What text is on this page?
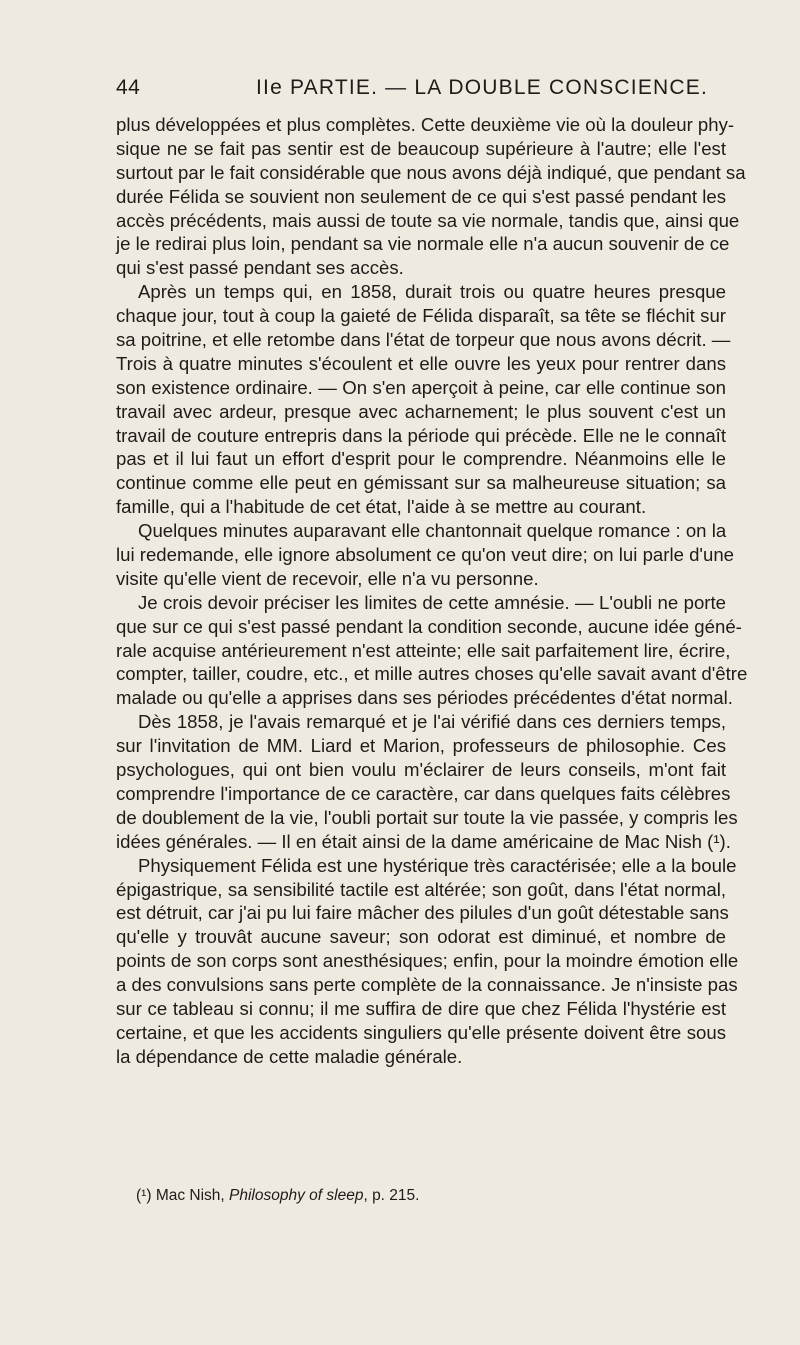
44	IIe PARTIE. — LA DOUBLE CONSCIENCE.
plus développées et plus complètes. Cette deuxième vie où la douleur phy-
sique ne se fait pas sentir est de beaucoup supérieure à l'autre; elle l'est
surtout par le fait considérable que nous avons déjà indiqué, que pendant sa
durée Félida se souvient non seulement de ce qui s'est passé pendant les
accès précédents, mais aussi de toute sa vie normale, tandis que, ainsi que
je le redirai plus loin, pendant sa vie normale elle n'a aucun souvenir de ce
qui s'est passé pendant ses accès.
Après un temps qui, en 1858, durait trois ou quatre heures presque
chaque jour, tout à coup la gaieté de Félida disparaît, sa tête se fléchit sur
sa poitrine, et elle retombe dans l'état de torpeur que nous avons décrit. —
Trois à quatre minutes s'écoulent et elle ouvre les yeux pour rentrer dans
son existence ordinaire. — On s'en aperçoit à peine, car elle continue son
travail avec ardeur, presque avec acharnement; le plus souvent c'est un
travail de couture entrepris dans la période qui précède. Elle ne le connaît
pas et il lui faut un effort d'esprit pour le comprendre. Néanmoins elle le
continue comme elle peut en gémissant sur sa malheureuse situation; sa
famille, qui a l'habitude de cet état, l'aide à se mettre au courant.
Quelques minutes auparavant elle chantonnait quelque romance : on la
lui redemande, elle ignore absolument ce qu'on veut dire; on lui parle d'une
visite qu'elle vient de recevoir, elle n'a vu personne.
Je crois devoir préciser les limites de cette amnésie. — L'oubli ne porte
que sur ce qui s'est passé pendant la condition seconde, aucune idée géné-
rale acquise antérieurement n'est atteinte; elle sait parfaitement lire, écrire,
compter, tailler, coudre, etc., et mille autres choses qu'elle savait avant d'être
malade ou qu'elle a apprises dans ses périodes précédentes d'état normal.
Dès 1858, je l'avais remarqué et je l'ai vérifié dans ces derniers temps,
sur l'invitation de MM. Liard et Marion, professeurs de philosophie. Ces
psychologues, qui ont bien voulu m'éclairer de leurs conseils, m'ont fait
comprendre l'importance de ce caractère, car dans quelques faits célèbres
de doublement de la vie, l'oubli portait sur toute la vie passée, y compris les
idées générales. — Il en était ainsi de la dame américaine de Mac Nish (¹).
Physiquement Félida est une hystérique très caractérisée; elle a la boule
épigastrique, sa sensibilité tactile est altérée; son goût, dans l'état normal,
est détruit, car j'ai pu lui faire mâcher des pilules d'un goût détestable sans
qu'elle y trouvât aucune saveur; son odorat est diminué, et nombre de
points de son corps sont anesthésiques; enfin, pour la moindre émotion elle
a des convulsions sans perte complète de la connaissance. Je n'insiste pas
sur ce tableau si connu; il me suffira de dire que chez Félida l'hystérie est
certaine, et que les accidents singuliers qu'elle présente doivent être sous
la dépendance de cette maladie générale.
(¹) Mac Nish, Philosophy of sleep, p. 215.
